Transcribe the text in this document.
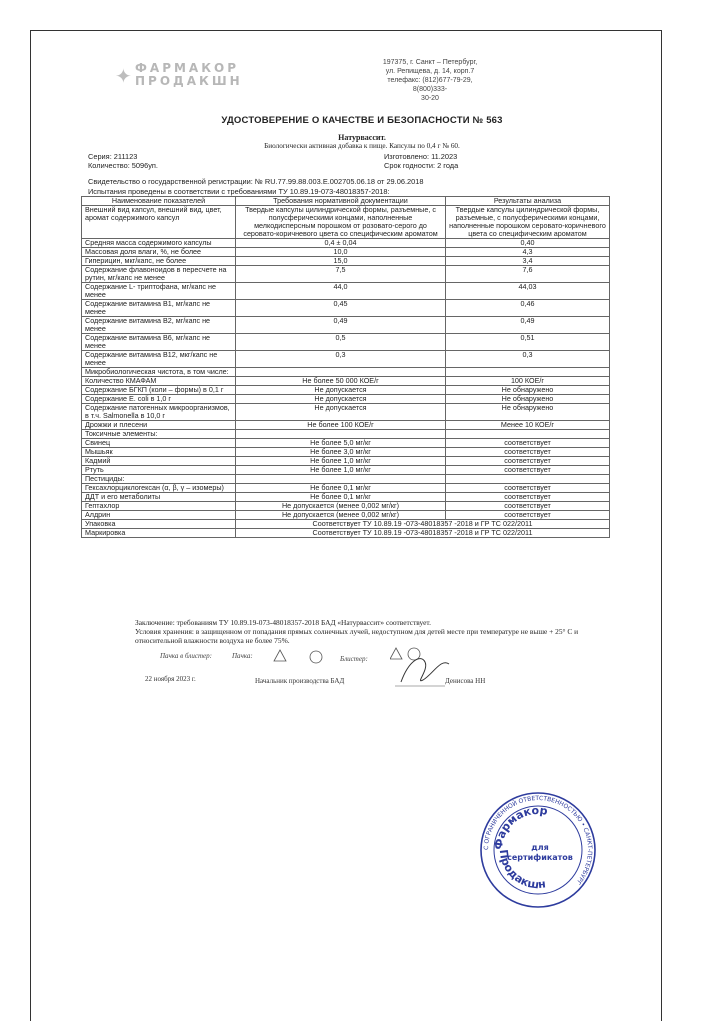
✦ ФАРМАКОР
ПРОДАКШН
197375, г. Санкт – Петербург,
ул. Репищева, д. 14, корп.7
телефакс: (812)677-79-29, 8(800)333-
30-20
УДОСТОВЕРЕНИЕ О КАЧЕСТВЕ И БЕЗОПАСНОСТИ № 563
Натурвассит.
Биологически активная добавка к пище. Капсулы по 0,4 г № 60.
Серия: 211123
Количество: 5096уп.
Изготовлено: 11.2023
Срок годности: 2 года
Свидетельство о государственной регистрации: № RU.77.99.88.003.Е.002705.06.18 от 29.06.2018
Испытания проведены в соответствии с требованиями ТУ 10.89.19-073-48018357-2018:
Наименование показателей	Требования нормативной документации	Результаты анализа
Внешний вид капсул, внешний вид, цвет, аромат содержимого капсул	Твердые капсулы цилиндрической формы, разъемные, с полусферическими концами, наполненные мелкодисперсным порошком от розовато-серого до серовато-коричневого цвета со специфическим ароматом	Твердые капсулы цилиндрической формы, разъемные, с полусферическими концами, наполненные порошком серовато-коричневого цвета со специфическим ароматом
Средняя масса содержимого капсулы	0,4 ± 0,04	0,40
Массовая доля влаги, %, не более	10,0	4,3
Гиперицин, мкг/капс, не более	15,0	3,4
Содержание флавоноидов в пересчете на рутин, мг/капс не менее	7,5	7,6
Содержание L- триптофана, мг/капс не менее	44,0	44,03
Содержание витамина В1, мг/капс не менее	0,45	0,46
Содержание витамина В2, мг/капс не менее	0,49	0,49
Содержание витамина В6, мг/капс не менее	0,5	0,51
Содержание витамина В12, мкг/капс не менее	0,3	0,3
Микробиологическая чистота, в том числе:		
Количество КМАФАМ	Не более 50 000 КОЕ/г	100 КОЕ/г
Содержание БГКП (коли – формы) в 0,1 г	Не допускается	Не обнаружено
Содержание E. coli в 1,0 г	Не допускается	Не обнаружено
Содержание патогенных микроорганизмов, в т.ч. Salmonella в 10,0 г	Не допускается	Не обнаружено
Дрожжи и плесени	Не более 100 КОЕ/г	Менее 10 КОЕ/г
Токсичные элементы:		
Свинец	Не более 5,0 мг/кг	соответствует
Мышьяк	Не более 3,0 мг/кг	соответствует
Кадмий	Не более 1,0 мг/кг	соответствует
Ртуть	Не более 1,0 мг/кг	соответствует
Пестициды:		
Гексахлорциклогексан (α, β, γ – изомеры)	Не более 0,1 мг/кг	соответствует
ДДТ и его метаболиты	Не более 0,1 мг/кг	соответствует
Гептахлор	Не допускается (менее 0,002 мг/кг)	соответствует
Алдрин	Не допускается (менее 0,002 мг/кг)	соответствует
Упаковка	Соответствует ТУ 10.89.19 -073-48018357 -2018 и ГР ТС 022/2011	
Маркировка	Соответствует ТУ 10.89.19 -073-48018357 -2018 и ГР ТС 022/2011	
Заключение: требованиям ТУ 10.89.19-073-48018357-2018 БАД «Натурвассит» соответствует.
Условия хранения: в защищенном от попадания прямых солнечных лучей, недоступном для детей месте при температуре не выше + 25° С и относительной влажности воздуха не более 75%.
Пачка в блистер:	Пачка:	Блистер:
22 ноября 2023 г.	Начальник производства БАД	Денисова НН
С ОГРАНИЧЕННОЙ ОТВЕТСТВЕННОСТЬЮ • САНКТ-ПЕТЕРБУРГ
Фармакор
Продакшн
для
сертификатов
